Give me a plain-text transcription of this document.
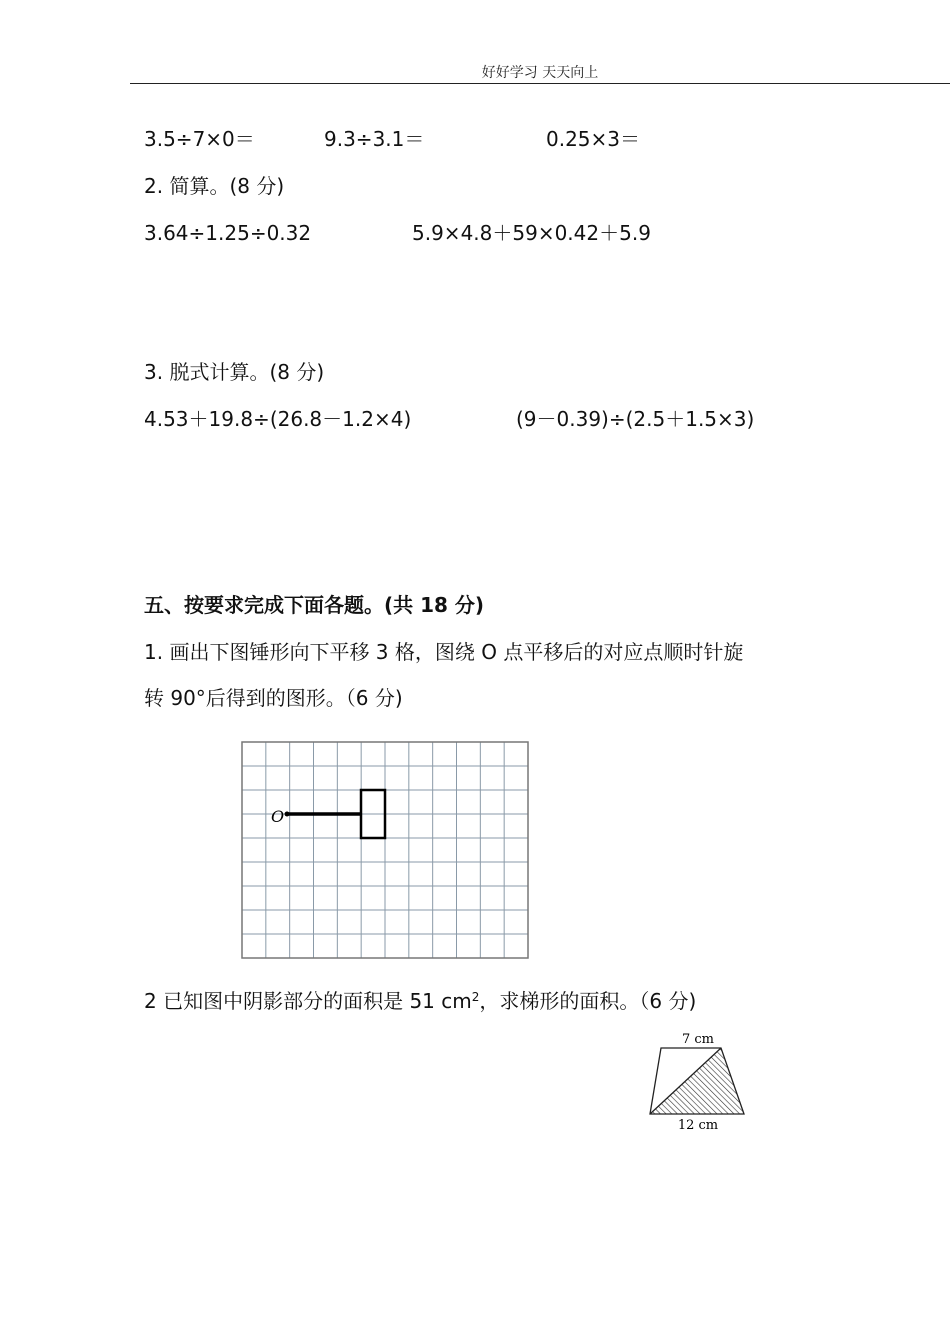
好好学习 天天向上
3.5÷7×0＝	9.3÷3.1＝	0.25×3＝
2. 简算。(8 分)
3.64÷1.25÷0.32	5.9×4.8＋59×0.42＋5.9
3. 脱式计算。(8 分)
4.53＋19.8÷(26.8－1.2×4)	(9－0.39)÷(2.5＋1.5×3)
五、按要求完成下面各题。(共 18 分)
1. 画出下图锤形向下平移 3 格，图绕 O 点平移后的对应点顺时针旋
转 90°后得到的图形。（6 分)
O
2 已知图中阴影部分的面积是 51 $cm^2$，求梯形的面积。（6 分)
7 cm
12 cm
